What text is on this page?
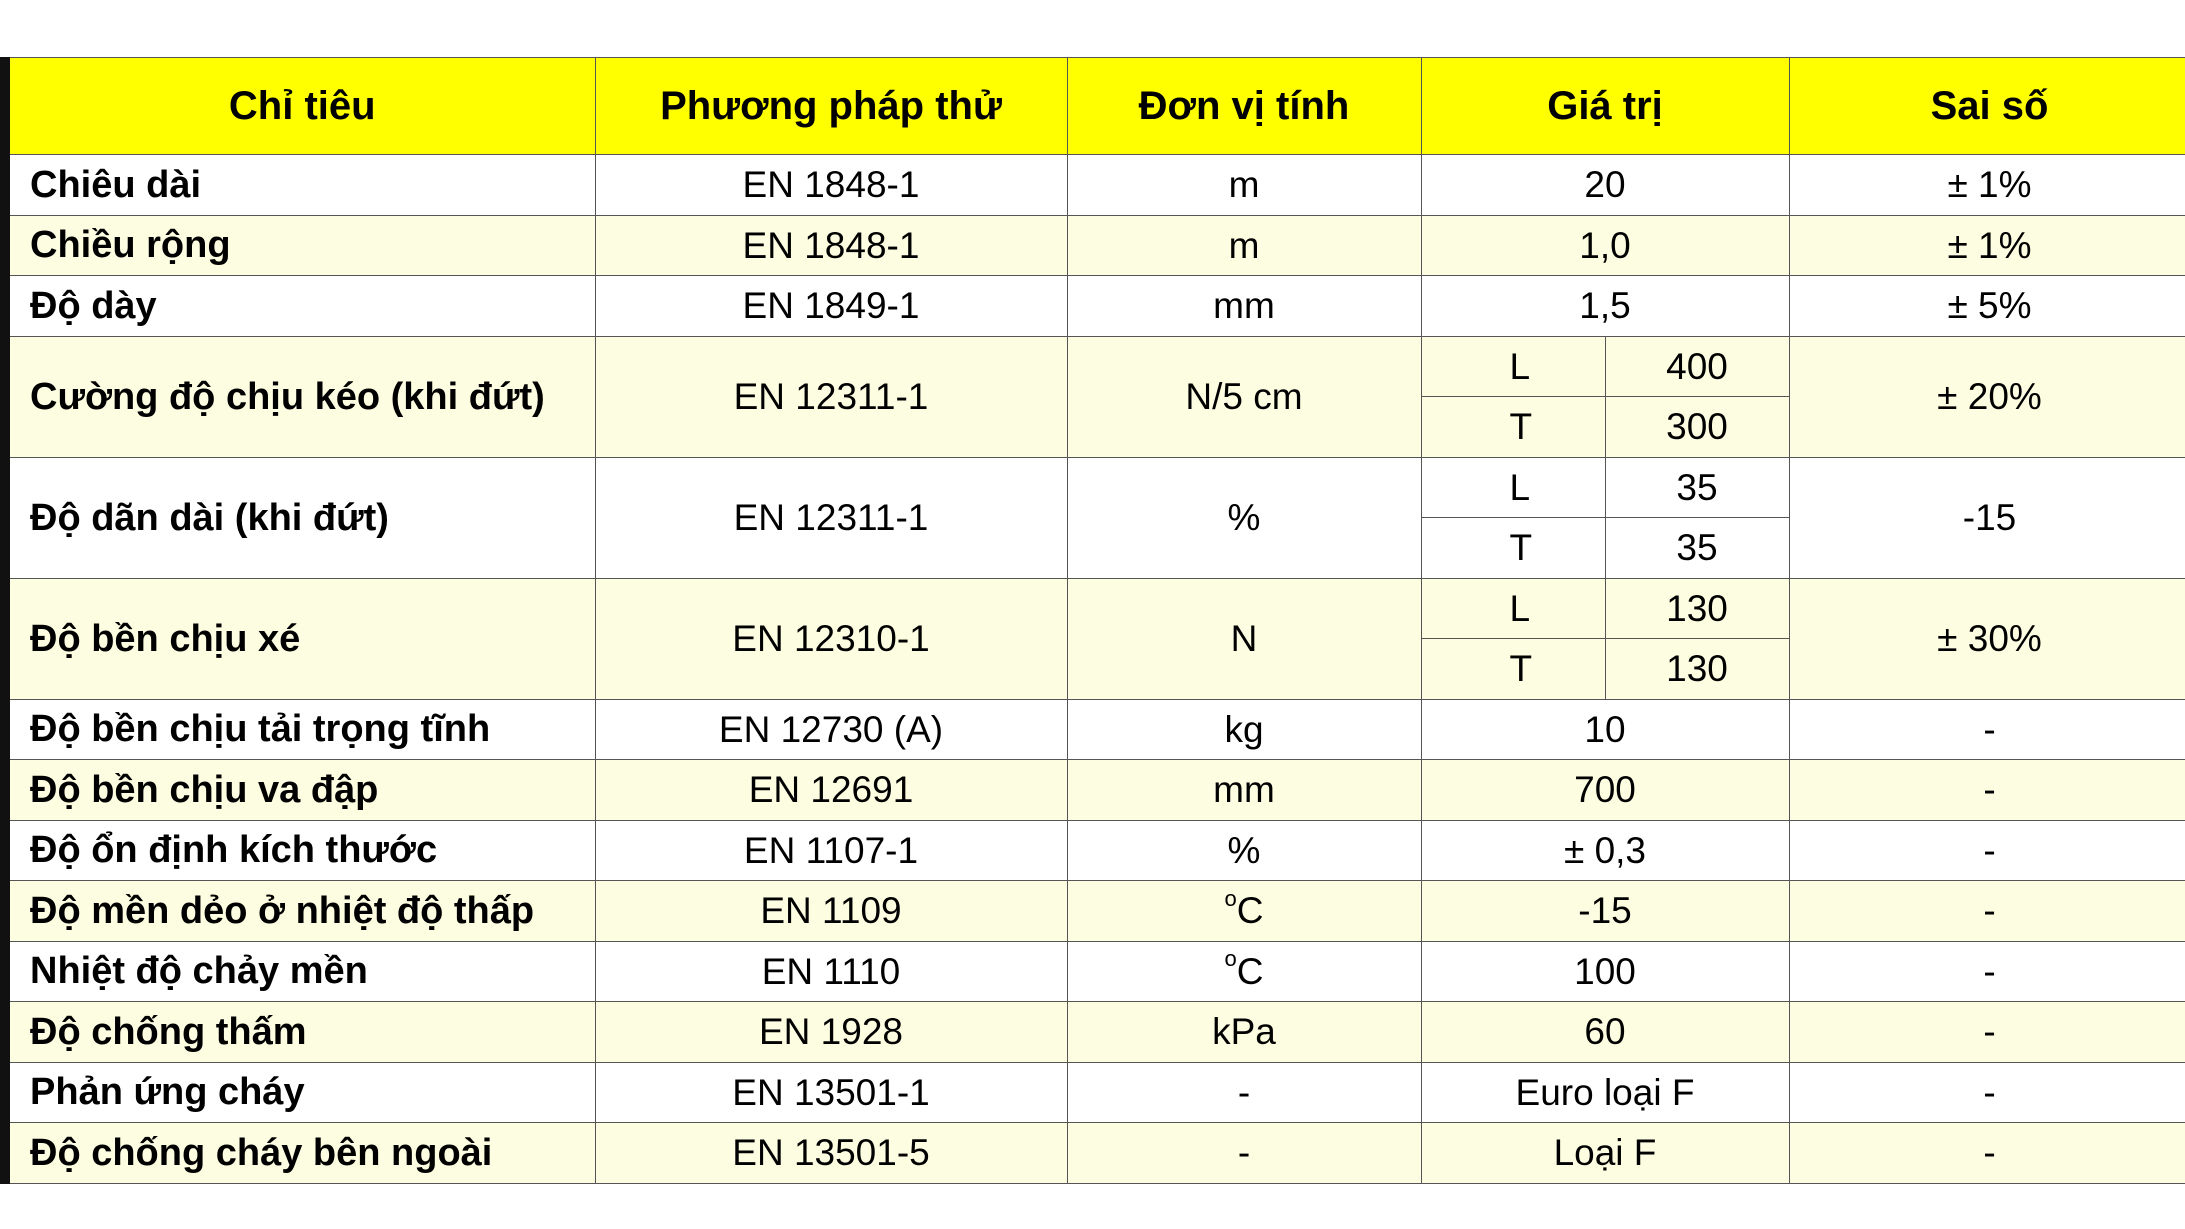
Chỉ tiêu	Phương pháp thử	Đơn vị tính	Giá trị		Sai số
Chiêu dài	EN 1848-1	m	20		± 1%
Chiều rộng	EN 1848-1	m	1,0		± 1%
Độ dày	EN 1849-1	mm	1,5		± 5%
Cường độ chịu kéo (khi đứt)	EN 12311-1	N/5 cm	L	400	± 20%
			T	300	
Độ dãn dài (khi đứt)	EN 12311-1	%	L	35	-15
			T	35	
Độ bền chịu xé	EN 12310-1	N	L	130	± 30%
			T	130	
Độ bền chịu tải trọng tĩnh	EN 12730 (A)	kg	10		-
Độ bền chịu va đập	EN 12691	mm	700		-
Độ ổn định kích thước	EN 1107-1	%	± 0,3		-
Độ mền dẻo ở nhiệt độ thấp	EN 1109	$^o$C	-15		-
Nhiệt độ chảy mền	EN 1110	$^o$C	100		-
Độ chống thấm	EN 1928	kPa	60		-
Phản ứng cháy	EN 13501-1	-	Euro loại F		-
Độ chống cháy bên ngoài	EN 13501-5	-	Loại F		-
